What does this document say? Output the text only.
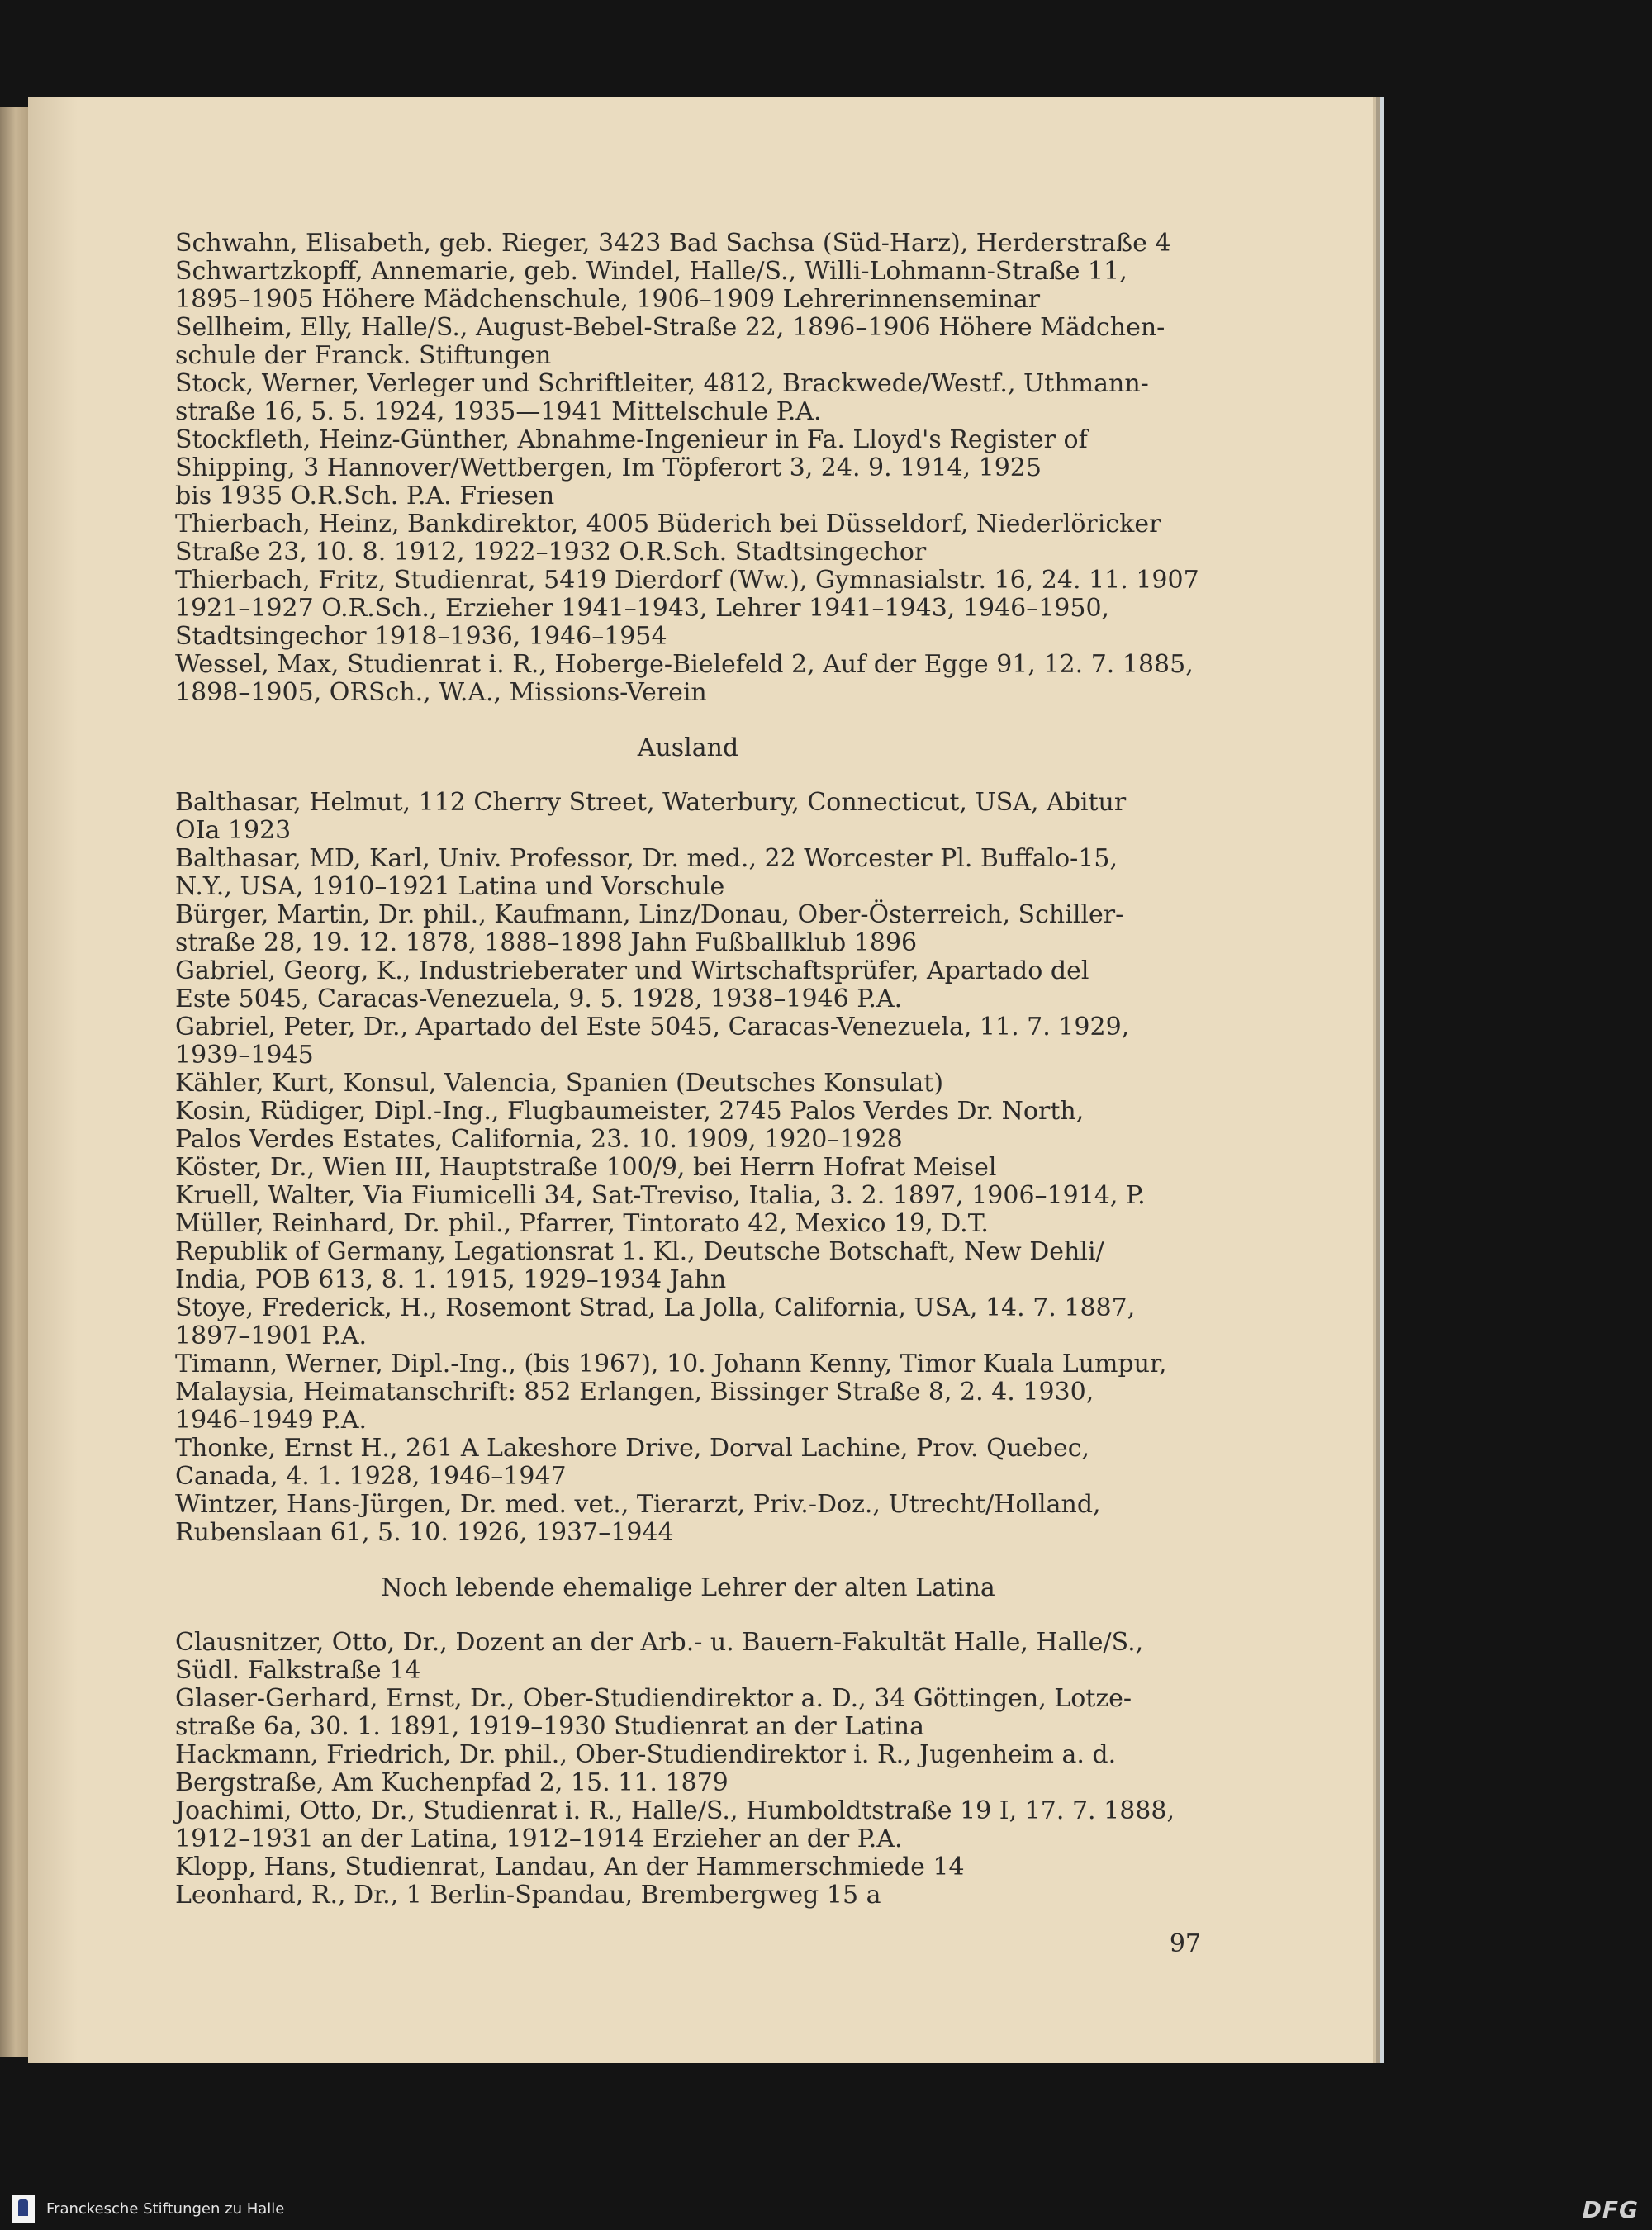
Schwahn, Elisabeth, geb. Rieger, 3423 Bad Sachsa (Süd-Harz), Herderstraße 4

Schwartzkopff, Annemarie, geb. Windel, Halle/S., Willi-Lohmann-Straße 11,
1895–1905 Höhere Mädchenschule, 1906–1909 Lehrerinnenseminar

Sellheim, Elly, Halle/S., August-Bebel-Straße 22, 1896–1906 Höhere Mädchen-
schule der Franck. Stiftungen

Stock, Werner, Verleger und Schriftleiter, 4812, Brackwede/Westf., Uthmann-
straße 16, 5. 5. 1924, 1935—1941 Mittelschule P.A.

Stockfleth, Heinz-Günther, Abnahme-Ingenieur in Fa. Lloyd's Register of
Shipping, 3 Hannover/Wettbergen, Im Töpferort 3, 24. 9. 1914, 1925
bis 1935 O.R.Sch. P.A. Friesen

Thierbach, Heinz, Bankdirektor, 4005 Büderich bei Düsseldorf, Niederlöricker
Straße 23, 10. 8. 1912, 1922–1932 O.R.Sch. Stadtsingechor

Thierbach, Fritz, Studienrat, 5419 Dierdorf (Ww.), Gymnasialstr. 16, 24. 11. 1907
1921–1927 O.R.Sch., Erzieher 1941–1943, Lehrer 1941–1943, 1946–1950,
Stadtsingechor 1918–1936, 1946–1954

Wessel, Max, Studienrat i. R., Hoberge-Bielefeld 2, Auf der Egge 91, 12. 7. 1885,
1898–1905, ORSch., W.A., Missions-Verein

Ausland

Balthasar, Helmut, 112 Cherry Street, Waterbury, Connecticut, USA, Abitur
OIa 1923

Balthasar, MD, Karl, Univ. Professor, Dr. med., 22 Worcester Pl. Buffalo-15,
N.Y., USA, 1910–1921 Latina und Vorschule

Bürger, Martin, Dr. phil., Kaufmann, Linz/Donau, Ober-Österreich, Schiller-
straße 28, 19. 12. 1878, 1888–1898 Jahn Fußballklub 1896

Gabriel, Georg, K., Industrieberater und Wirtschaftsprüfer, Apartado del
Este 5045, Caracas-Venezuela, 9. 5. 1928, 1938–1946 P.A.

Gabriel, Peter, Dr., Apartado del Este 5045, Caracas-Venezuela, 11. 7. 1929,
1939–1945

Kähler, Kurt, Konsul, Valencia, Spanien (Deutsches Konsulat)

Kosin, Rüdiger, Dipl.-Ing., Flugbaumeister, 2745 Palos Verdes Dr. North,
Palos Verdes Estates, California, 23. 10. 1909, 1920–1928

Köster, Dr., Wien III, Hauptstraße 100/9, bei Herrn Hofrat Meisel

Kruell, Walter, Via Fiumicelli 34, Sat-Treviso, Italia, 3. 2. 1897, 1906–1914, P.

Müller, Reinhard, Dr. phil., Pfarrer, Tintorato 42, Mexico 19, D.T.

Republik of Germany, Legationsrat 1. Kl., Deutsche Botschaft, New Dehli/
India, POB 613, 8. 1. 1915, 1929–1934 Jahn

Stoye, Frederick, H., Rosemont Strad, La Jolla, California, USA, 14. 7. 1887,
1897–1901 P.A.

Timann, Werner, Dipl.-Ing., (bis 1967), 10. Johann Kenny, Timor Kuala Lumpur,
Malaysia, Heimatanschrift: 852 Erlangen, Bissinger Straße 8, 2. 4. 1930,
1946–1949 P.A.

Thonke, Ernst H., 261 A Lakeshore Drive, Dorval Lachine, Prov. Quebec,
Canada, 4. 1. 1928, 1946–1947

Wintzer, Hans-Jürgen, Dr. med. vet., Tierarzt, Priv.-Doz., Utrecht/Holland,
Rubenslaan 61, 5. 10. 1926, 1937–1944

Noch lebende ehemalige Lehrer der alten Latina

Clausnitzer, Otto, Dr., Dozent an der Arb.- u. Bauern-Fakultät Halle, Halle/S.,
Südl. Falkstraße 14

Glaser-Gerhard, Ernst, Dr., Ober-Studiendirektor a. D., 34 Göttingen, Lotze-
straße 6a, 30. 1. 1891, 1919–1930 Studienrat an der Latina

Hackmann, Friedrich, Dr. phil., Ober-Studiendirektor i. R., Jugenheim a. d.
Bergstraße, Am Kuchenpfad 2, 15. 11. 1879

Joachimi, Otto, Dr., Studienrat i. R., Halle/S., Humboldtstraße 19 I, 17. 7. 1888,
1912–1931 an der Latina, 1912–1914 Erzieher an der P.A.

Klopp, Hans, Studienrat, Landau, An der Hammerschmiede 14

Leonhard, R., Dr., 1 Berlin-Spandau, Brembergweg 15 a

97
Franckesche Stiftungen zu Halle	DFG
